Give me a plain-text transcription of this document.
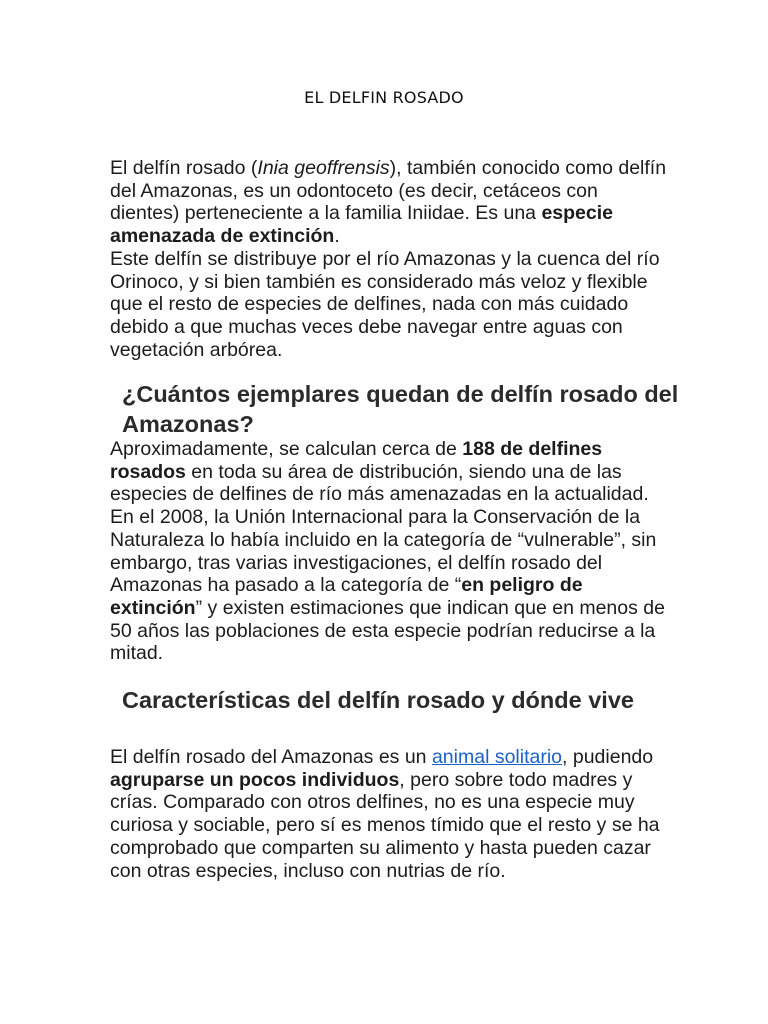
EL DELFIN ROSADO

El delfín rosado (Inia geoffrensis), también conocido como delfín del Amazonas, es un odontoceto (es decir, cetáceos con dientes) perteneciente a la familia Iniidae. Es una especie amenazada de extinción.

Este delfín se distribuye por el río Amazonas y la cuenca del río Orinoco, y si bien también es considerado más veloz y flexible que el resto de especies de delfines, nada con más cuidado debido a que muchas veces debe navegar entre aguas con vegetación arbórea.

¿Cuántos ejemplares quedan de delfín rosado del Amazonas?

Aproximadamente, se calculan cerca de 188 de delfines rosados en toda su área de distribución, siendo una de las especies de delfines de río más amenazadas en la actualidad.

En el 2008, la Unión Internacional para la Conservación de la Naturaleza lo había incluido en la categoría de “vulnerable”, sin embargo, tras varias investigaciones, el delfín rosado del Amazonas ha pasado a la categoría de “en peligro de extinción” y existen estimaciones que indican que en menos de 50 años las poblaciones de esta especie podrían reducirse a la mitad.

Características del delfín rosado y dónde vive

El delfín rosado del Amazonas es un animal solitario, pudiendo agruparse un pocos individuos, pero sobre todo madres y crías. Comparado con otros delfines, no es una especie muy curiosa y sociable, pero sí es menos tímido que el resto y se ha comprobado que comparten su alimento y hasta pueden cazar con otras especies, incluso con nutrias de río.
